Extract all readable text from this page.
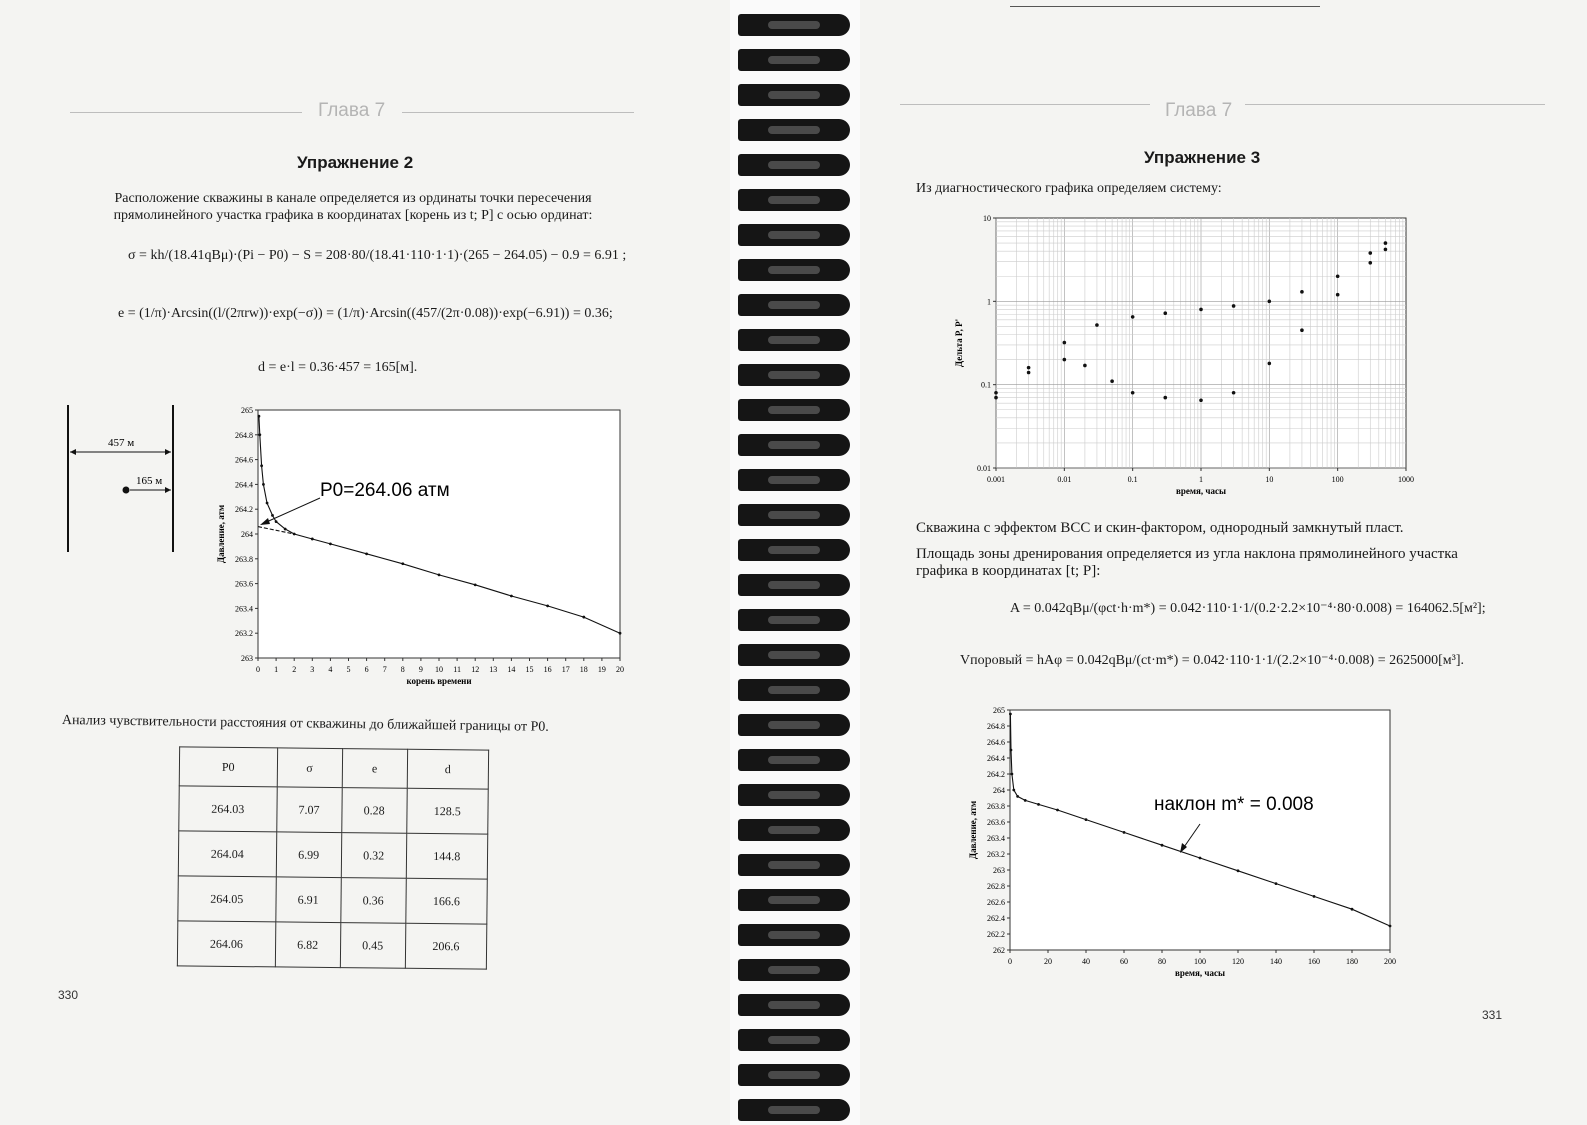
Глава 7
Упражнение 2
Расположение скважины в канале определяется из ординаты точки пересечения прямолинейного участка графика в координатах [корень из t; P] с осью ординат:
σ = kh/(18.41qBμ)·(Pi − P0) − S = 208·80/(18.41·110·1·1)·(265 − 264.05) − 0.9 = 6.91 ;
e = (1/π)·Arcsin((l/(2πrw))·exp(−σ)) = (1/π)·Arcsin((457/(2π·0.08))·exp(−6.91)) = 0.36;
d = e·l = 0.36·457 = 165[м].
457 м
165 м
0 1 2 3 4 5 6 7 8 9 10 11 12 13 14 15 16 17 18 19 20
263
263.2
263.4
263.6
263.8
264
264.2
264.4
264.6
264.8
265
корень времени
Давление, атм
P0=264.06 атм
Анализ чувствительности расстояния от скважины до ближайшей границы от P0.
P0	σ	e	d
264.03	7.07	0.28	128.5
264.04	6.99	0.32	144.8
264.05	6.91	0.36	166.6
264.06	6.82	0.45	206.6
330
Глава 7
Упражнение 3
Из диагностического графика определяем систему:
0.001	0.01	0.1	1	10	100	1000
0.01
0.1
1
10
время, часы
Дельта P, P'
Скважина с эффектом ВСС и скин-фактором, однородный замкнутый пласт.
Площадь зоны дренирования определяется из угла наклона прямолинейного участка графика в координатах [t; P]:
A = 0.042qBμ/(φct·h·m*) = 0.042·110·1·1/(0.2·2.2×10⁻⁴·80·0.008) = 164062.5[м²];
Vпоровый = hAφ = 0.042qBμ/(ct·m*) = 0.042·110·1·1/(2.2×10⁻⁴·0.008) = 2625000[м³].
0	20	40	60	80	100	120	140	160	180	200
262
262.2
262.4
262.6
262.8
263
263.2
263.4
263.6
263.8
264
264.2
264.4
264.6
264.8
265
время, часы
Давление, атм	наклон m* = 0.008
331
